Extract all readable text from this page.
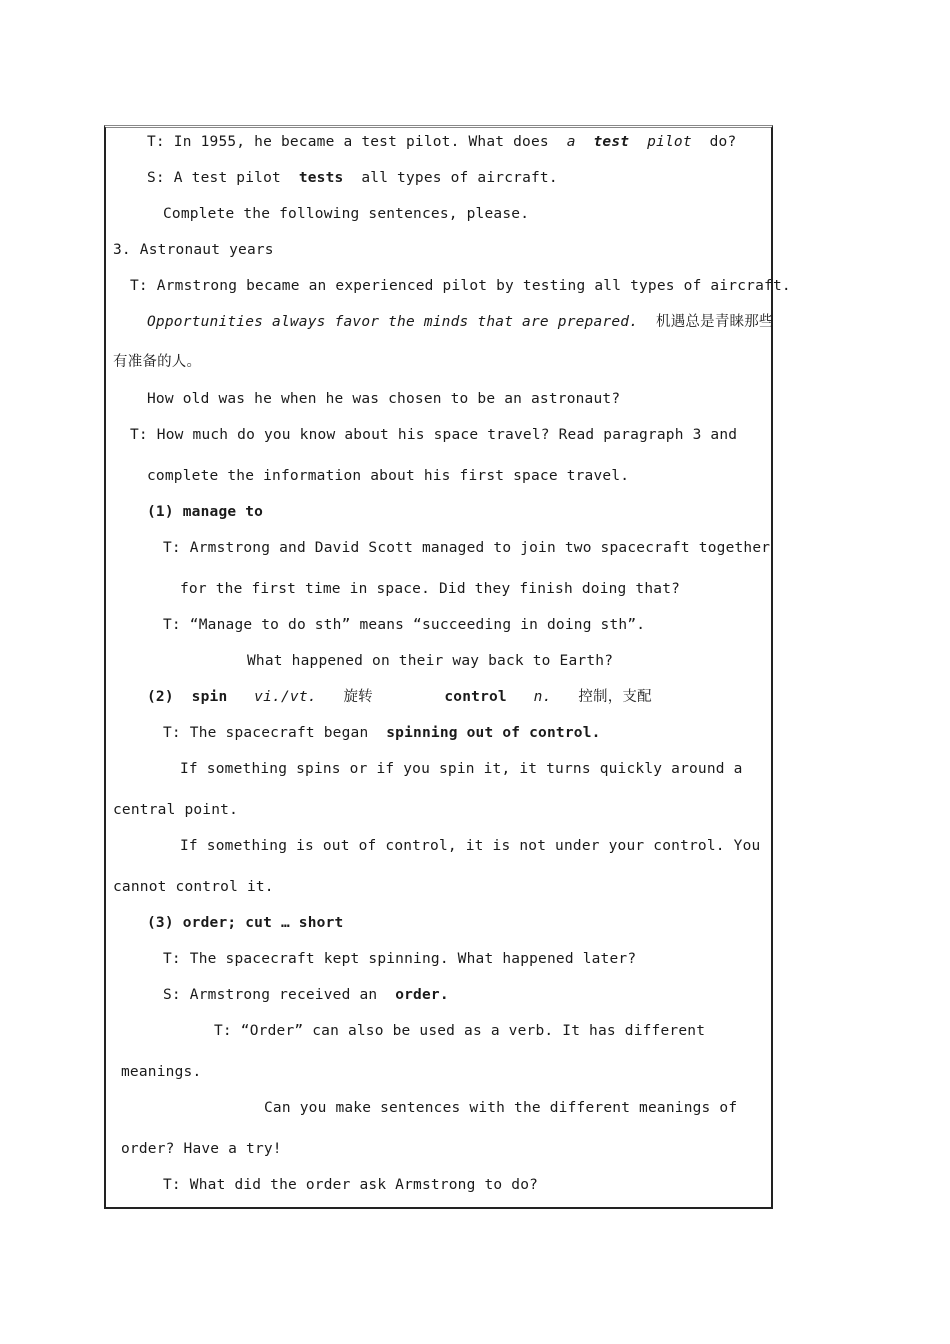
T: In 1955, he became a test pilot. What does  a  test  pilot  do?
S: A test pilot  tests  all types of aircraft.
Complete the following sentences, please.
3. Astronaut years
T: Armstrong became an experienced pilot by testing all types of aircraft.
Opportunities always favor the minds that are prepared. 机遇总是青睐那些
有准备的人。
How old was he when he was chosen to be an astronaut?
T: How much do you know about his space travel? Read paragraph 3 and
complete the information about his first space travel.
(1) manage to
T: Armstrong and David Scott managed to join two spacecraft together
for the first time in space. Did they finish doing that?
T: “Manage to do sth” means “succeeding in doing sth”.
What happened on their way back to Earth?
(2)  spin vi./vt. 旋转	control n. 控制，支配
T: The spacecraft began  spinning out of control.
If something spins or if you spin it, it turns quickly around a
central point.
If something is out of control, it is not under your control. You
cannot control it.
(3) order; cut … short
T: The spacecraft kept spinning. What happened later?
S: Armstrong received an  order.
T: “Order” can also be used as a verb. It has different
meanings.
Can you make sentences with the different meanings of
order? Have a try!
T: What did the order ask Armstrong to do?
